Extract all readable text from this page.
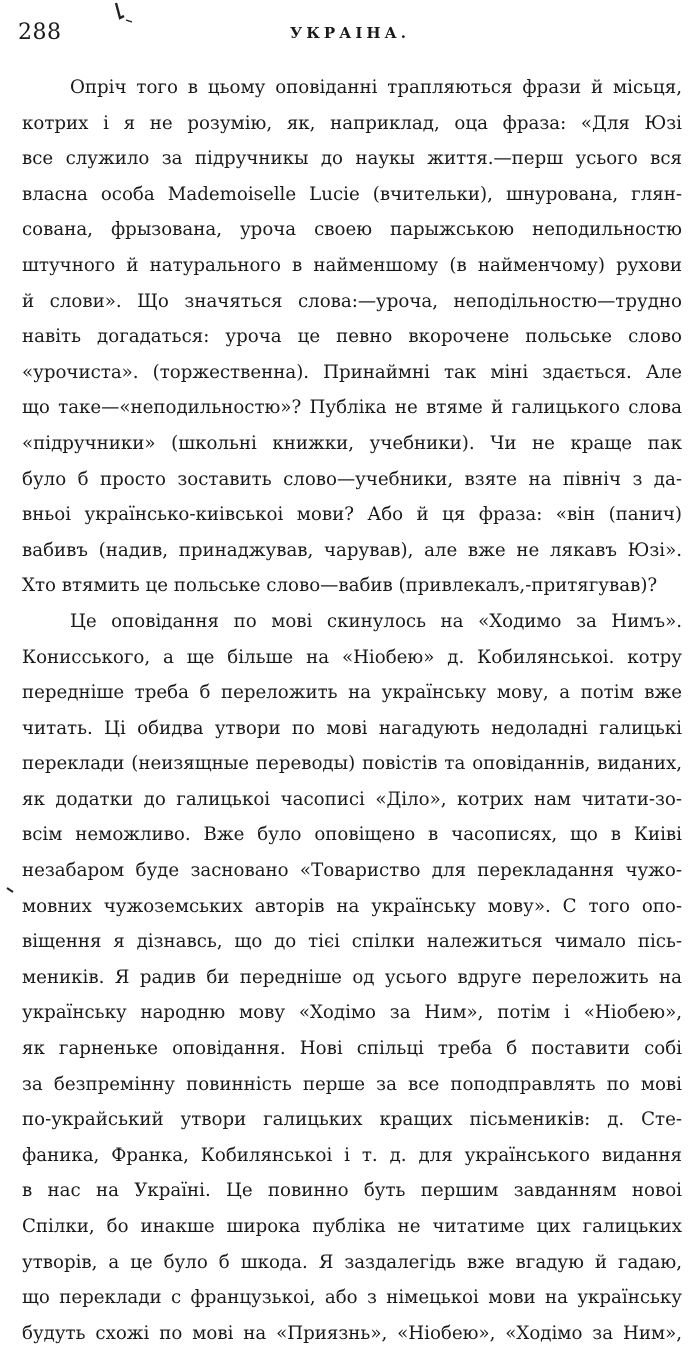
288	УКРАІНА.
Опріч того в цьому оповіданні трапляються фрази й місьця,
котрих і я не розумію, як, наприклад, оца фраза: «Для Юзі
все служило за підручникы до наукы життя.—перш усього вся
власна особа Mademoiselle Lucie (вчительки), шнурована, глян-
сована, фрызована, урочa своею парыжською неподильностю
штучного й натурального в найменшому (в найменчому) рухови
й слови». Що значяться слова:—урочa, неподільностю—трудно
навіть догадаться: урочa це певно вкорочене польське слово
«урочиста». (торжественна). Принаймні так міні здається. Але
що таке—«неподильностю»? Публіка не втяме й галицького слова
«підручники» (школьні книжки, учебники). Чи не краще пак
було б просто зоставить слово—учебники, взяте на північ з да-
вньоі українсько-киівськоі мови? Або й ця фраза: «він (панич)
вабивъ (надив, принаджував, чарував), але вже не лякавъ Юзі».
Хто втямить це польське слово—вабив (привлекалъ,-притягував)?
Це оповідання по мові скинулось на «Ходимо за Нимъ».
Конисського, а ще більше на «Ніобею» д. Кобилянськоі. котру
переднiше треба б переложить на українську мову, а потім вже
читать. Ці обидва утвори по мові нагадують недоладні галицькі
переклади (неизящные переводы) повістів та оповіданнів, виданих,
як додатки до галицькоі часописі «Діло», котрих нам читати-зо-
всім неможливо. Вже було оповіщено в часописях, що в Киіві
незабаром буде засновано «Товариство для перекладання чужо-
мовних чужоземських авторів на українську мову». С того опо-
віщення я дізнавсь, що до тієі спілки належиться чимало піcь-
меників. Я радив би переднiше од усього вдруге переложить на
українську народню мову «Ходімо за Ним», потім і «Ніобею»,
як гарненьке оповідання. Нові спільці треба б поставити собі
за безпремінну повинність перше за все поподправлять по мові
по-украйський утвори галицьких кращих пісьмеників: д. Сте-
фаника, Франка, Кобилянськоі і т. д. для українського видання
в нас на Україні. Це повинно буть першим завданням новоі
Спілки, бо инакше широка публіка не читатиме цих галицьких
утворів, а це було б шкода. Я заздалегідь вже вгадую й гадаю,
що переклади с французькоі, або з німецькоі мови на українську
будуть схожі по мові на «Приязнь», «Ніобею», «Ходімо за Ним»,
